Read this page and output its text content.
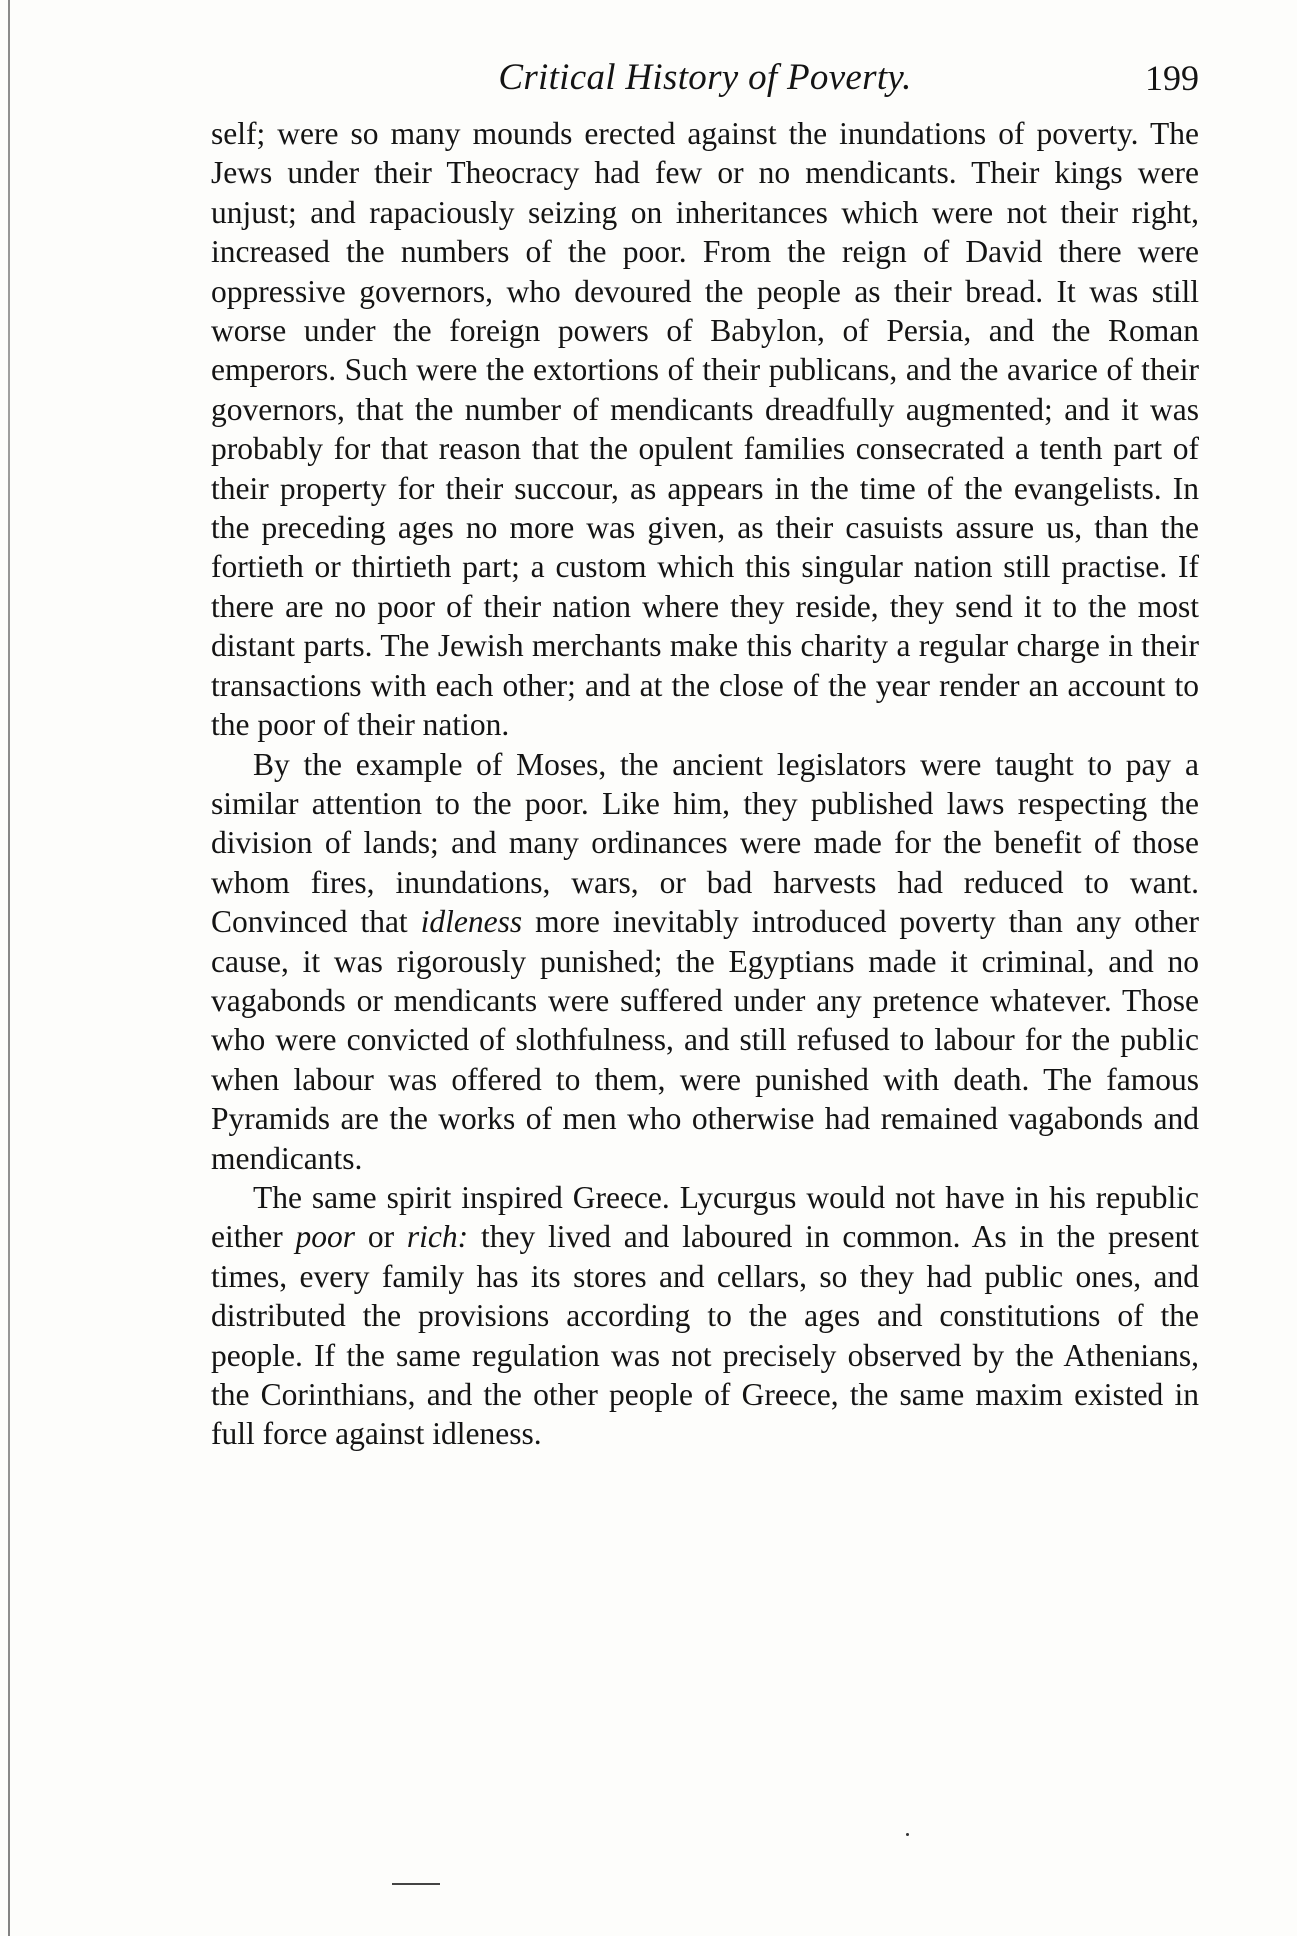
Critical History of Poverty.	199

self; were so many mounds erected against the inundations of poverty. The Jews under their Theocracy had few or no mendicants. Their kings were unjust; and rapaciously seizing on inheritances which were not their right, increased the numbers of the poor. From the reign of David there were oppressive governors, who devoured the people as their bread. It was still worse under the foreign powers of Babylon, of Persia, and the Roman emperors. Such were the extortions of their publicans, and the avarice of their governors, that the number of mendicants dreadfully augmented; and it was probably for that reason that the opulent families consecrated a tenth part of their property for their succour, as appears in the time of the evangelists. In the preceding ages no more was given, as their casuists assure us, than the fortieth or thirtieth part; a custom which this singular nation still practise. If there are no poor of their nation where they reside, they send it to the most distant parts. The Jewish merchants make this charity a regular charge in their transactions with each other; and at the close of the year render an account to the poor of their nation.

By the example of Moses, the ancient legislators were taught to pay a similar attention to the poor. Like him, they published laws respecting the division of lands; and many ordinances were made for the benefit of those whom fires, inundations, wars, or bad harvests had reduced to want. Convinced that idleness more inevitably introduced poverty than any other cause, it was rigorously punished; the Egyptians made it criminal, and no vagabonds or mendicants were suffered under any pretence whatever. Those who were convicted of slothfulness, and still refused to labour for the public when labour was offered to them, were punished with death. The famous Pyramids are the works of men who otherwise had remained vagabonds and mendicants.

The same spirit inspired Greece. Lycurgus would not have in his republic either poor or rich: they lived and laboured in common. As in the present times, every family has its stores and cellars, so they had public ones, and distributed the provisions according to the ages and constitutions of the people. If the same regulation was not precisely observed by the Athenians, the Corinthians, and the other people of Greece, the same maxim existed in full force against idleness.
